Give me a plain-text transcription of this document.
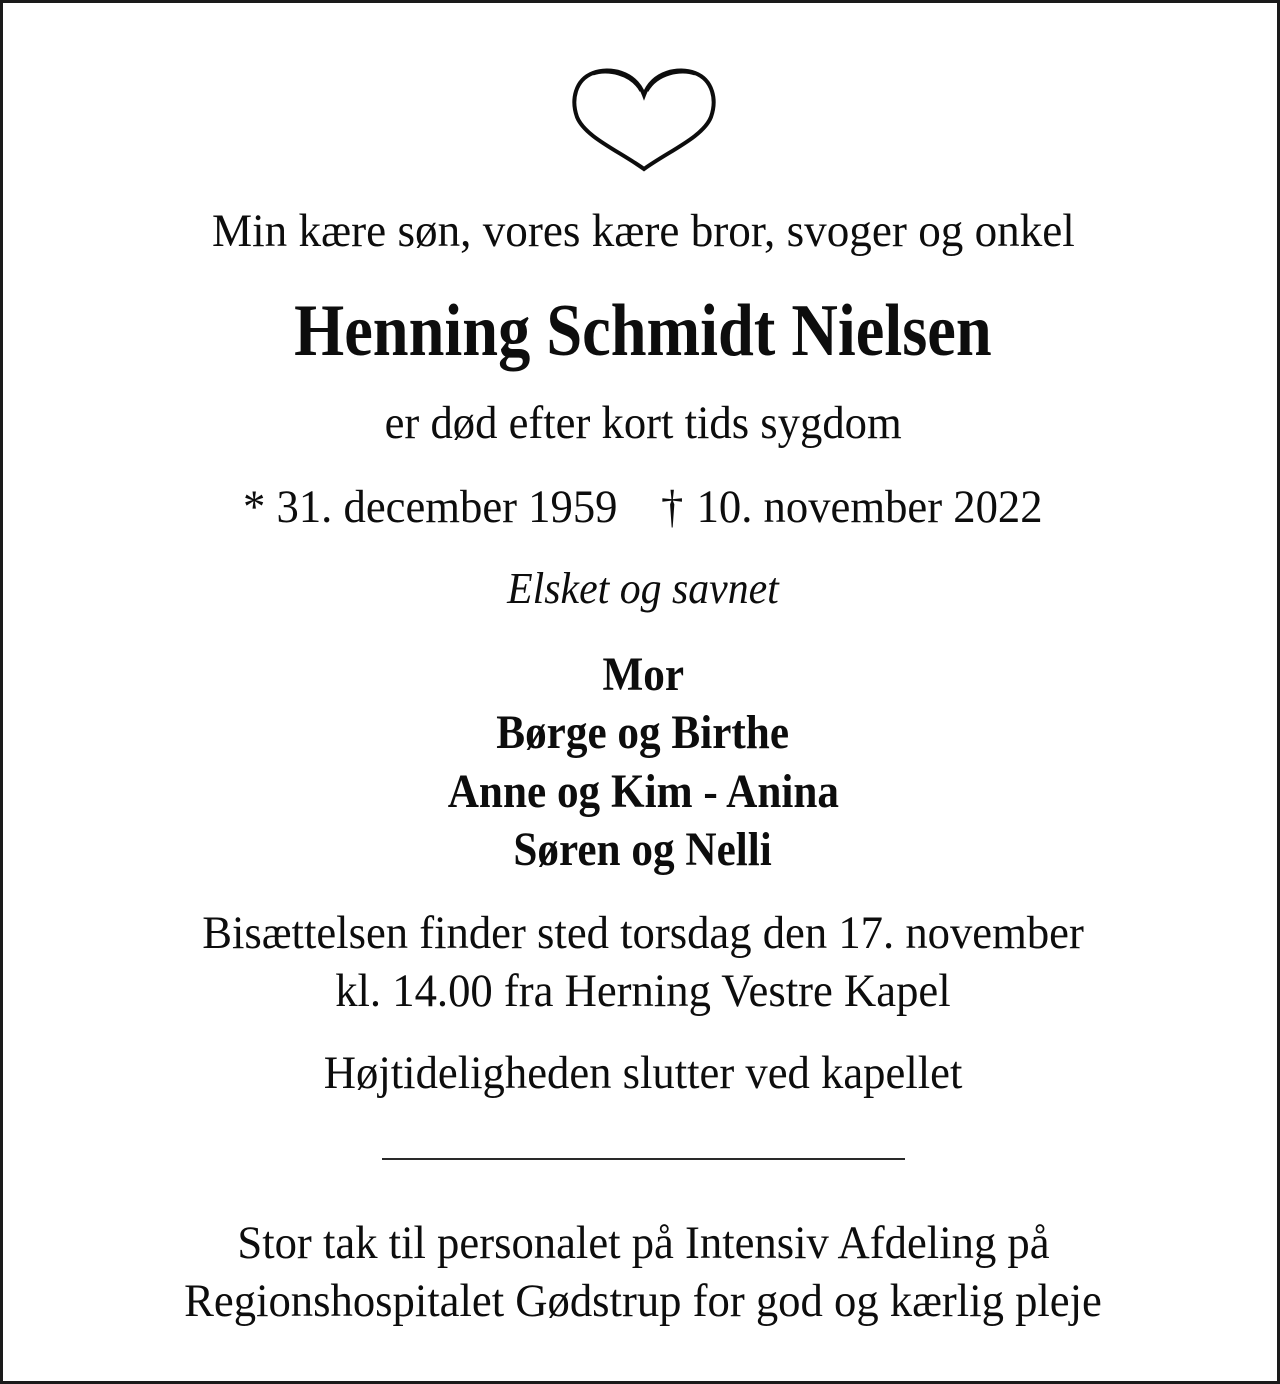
Min kære søn, vores kære bror, svoger og onkel
Henning Schmidt Nielsen
er død efter kort tids sygdom
* 31. december 1959 † 10. november 2022
Elsket og savnet
Mor
Børge og Birthe
Anne og Kim - Anina
Søren og Nelli
Bisættelsen finder sted torsdag den 17. november
kl. 14.00 fra Herning Vestre Kapel
Højtideligheden slutter ved kapellet
Stor tak til personalet på Intensiv Afdeling på
Regionshospitalet Gødstrup for god og kærlig pleje
